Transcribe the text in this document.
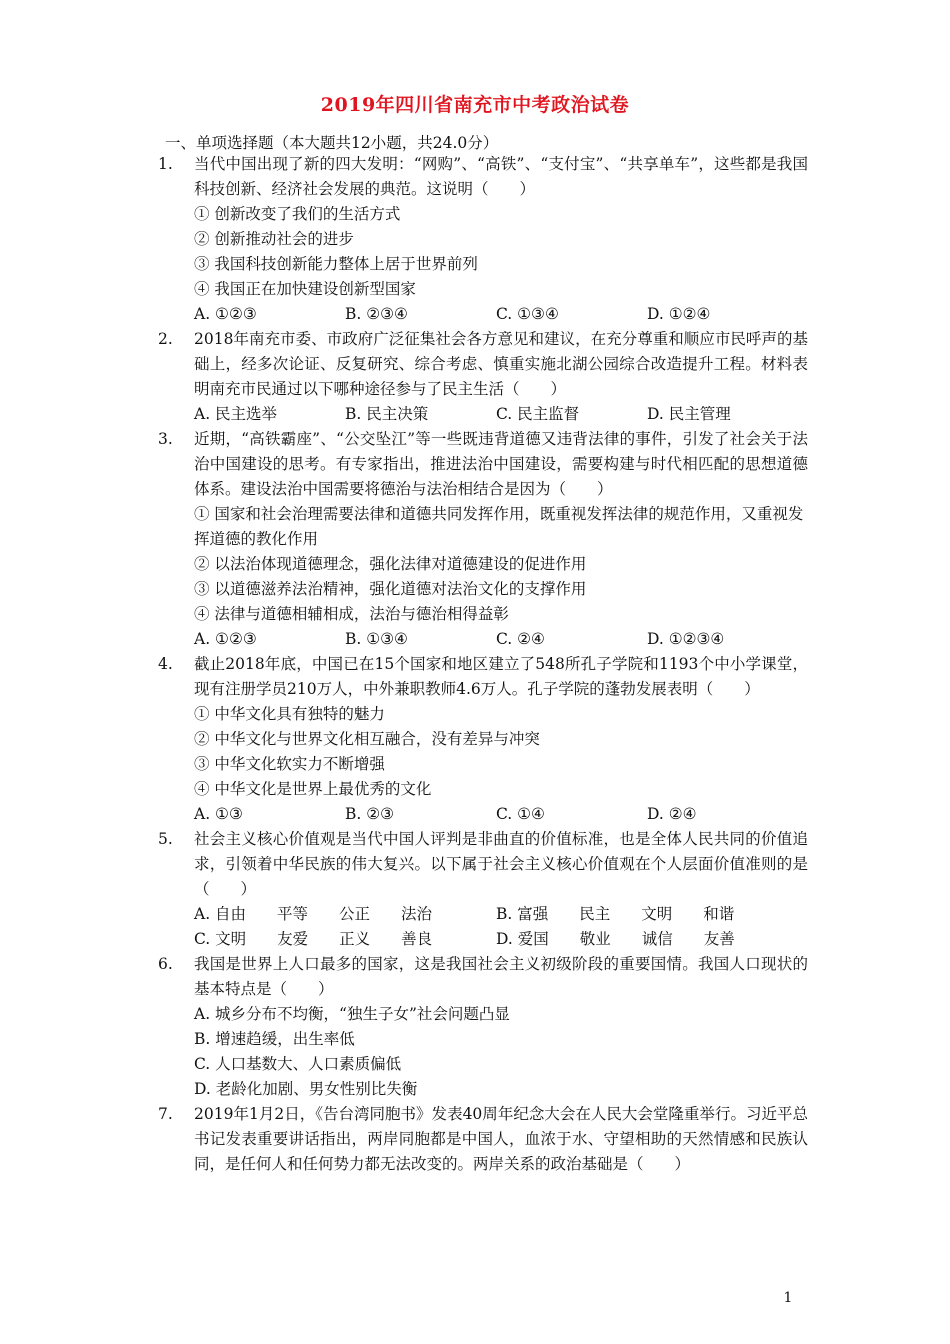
2019年四川省南充市中考政治试卷
一、单项选择题（本大题共12小题，共24.0分）
1.	当代中国出现了新的四大发明：“网购”、“高铁”、“支付宝”、“共享单车”，这些都是我国科技创新、经济社会发展的典范。这说明（　　）
① 创新改变了我们的生活方式
② 创新推动社会的进步
③ 我国科技创新能力整体上居于世界前列
④ 我国正在加快建设创新型国家
A. ①②③	B. ②③④	C. ①③④	D. ①②④
2.	2018年南充市委、市政府广泛征集社会各方意见和建议，在充分尊重和顺应市民呼声的基础上，经多次论证、反复研究、综合考虑、慎重实施北湖公园综合改造提升工程。材料表明南充市民通过以下哪种途径参与了民主生活（　　）
A. 民主选举	B. 民主决策	C. 民主监督	D. 民主管理
3.	近期，“高铁霸座”、“公交坠江”等一些既违背道德又违背法律的事件，引发了社会关于法治中国建设的思考。有专家指出，推进法治中国建设，需要构建与时代相匹配的思想道德体系。建设法治中国需要将德治与法治相结合是因为（　　）
① 国家和社会治理需要法律和道德共同发挥作用，既重视发挥法律的规范作用，又重视发挥道德的教化作用
② 以法治体现道德理念，强化法律对道德建设的促进作用
③ 以道德滋养法治精神，强化道德对法治文化的支撑作用
④ 法律与道德相辅相成，法治与德治相得益彰
A. ①②③	B. ①③④	C. ②④	D. ①②③④
4.	截止2018年底，中国已在15个国家和地区建立了548所孔子学院和1193个中小学课堂，现有注册学员210万人，中外兼职教师4.6万人。孔子学院的蓬勃发展表明（　　）
① 中华文化具有独特的魅力
② 中华文化与世界文化相互融合，没有差异与冲突
③ 中华文化软实力不断增强
④ 中华文化是世界上最优秀的文化
A. ①③	B. ②③	C. ①④	D. ②④
5.	社会主义核心价值观是当代中国人评判是非曲直的价值标准，也是全体人民共同的价值追求，引领着中华民族的伟大复兴。以下属于社会主义核心价值观在个人层面价值准则的是（　　）
A. 自由　　平等　　公正　　法治	B. 富强　　民主　　文明　　和谐
C. 文明　　友爱　　正义　　善良	D. 爱国　　敬业　　诚信　　友善
6.	我国是世界上人口最多的国家，这是我国社会主义初级阶段的重要国情。我国人口现状的基本特点是（　　）
A. 城乡分布不均衡，“独生子女”社会问题凸显
B. 增速趋缓，出生率低
C. 人口基数大、人口素质偏低
D. 老龄化加剧、男女性别比失衡
7.	2019年1月2日，《告台湾同胞书》发表40周年纪念大会在人民大会堂隆重举行。习近平总书记发表重要讲话指出，两岸同胞都是中国人，血浓于水、守望相助的天然情感和民族认同，是任何人和任何势力都无法改变的。两岸关系的政治基础是（　　）
1
